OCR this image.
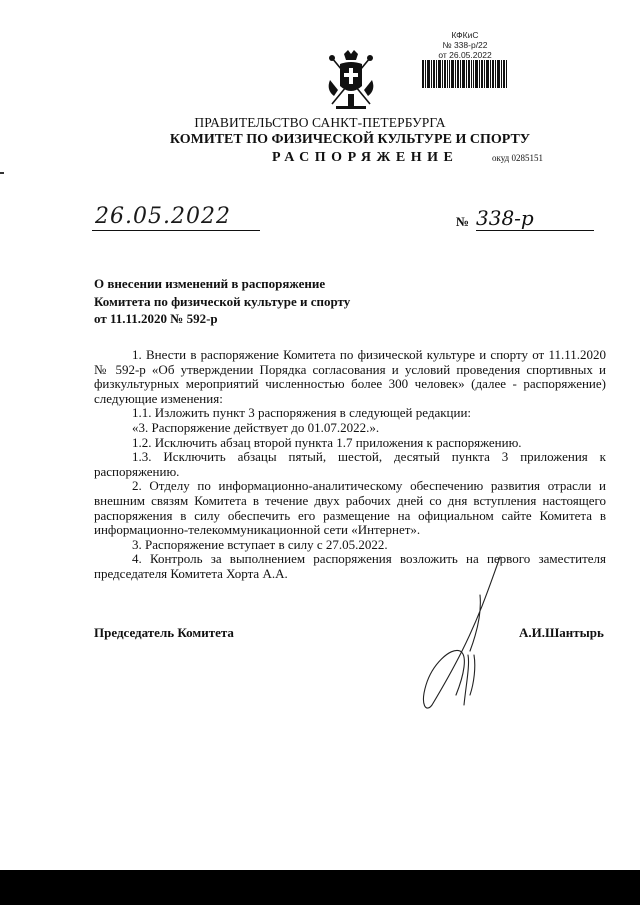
КФКиС
№ 338-р/22
от 26.05.2022
ПРАВИТЕЛЬСТВО САНКТ-ПЕТЕРБУРГА
КОМИТЕТ ПО ФИЗИЧЕСКОЙ КУЛЬТУРЕ И СПОРТУ
РАСПОРЯЖЕНИЕ	окуд 0285151
26.05.2022	№ 338-р
О внесении изменений в распоряжение
Комитета по физической культуре и спорту
от 11.11.2020 № 592-р

1. Внести в распоряжение Комитета по физической культуре и спорту от 11.11.2020 № 592-р «Об утверждении Порядка согласования и условий проведения спортивных и физкультурных мероприятий численностью более 300 человек» (далее - распоряжение) следующие изменения:

1.1. Изложить пункт 3 распоряжения в следующей редакции:

«3. Распоряжение действует до 01.07.2022.».

1.2. Исключить абзац второй пункта 1.7 приложения к распоряжению.

1.3. Исключить абзацы пятый, шестой, десятый пункта 3 приложения к распоряжению.

2. Отделу по информационно-аналитическому обеспечению развития отрасли и внешним связям Комитета в течение двух рабочих дней со дня вступления настоящего распоряжения в силу обеспечить его размещение на официальном сайте Комитета в информационно-телекоммуникационной сети «Интернет».

3. Распоряжение вступает в силу с 27.05.2022.

4. Контроль за выполнением распоряжения возложить на первого заместителя председателя Комитета Хорта А.А.

Председатель Комитета	А.И.Шантырь
